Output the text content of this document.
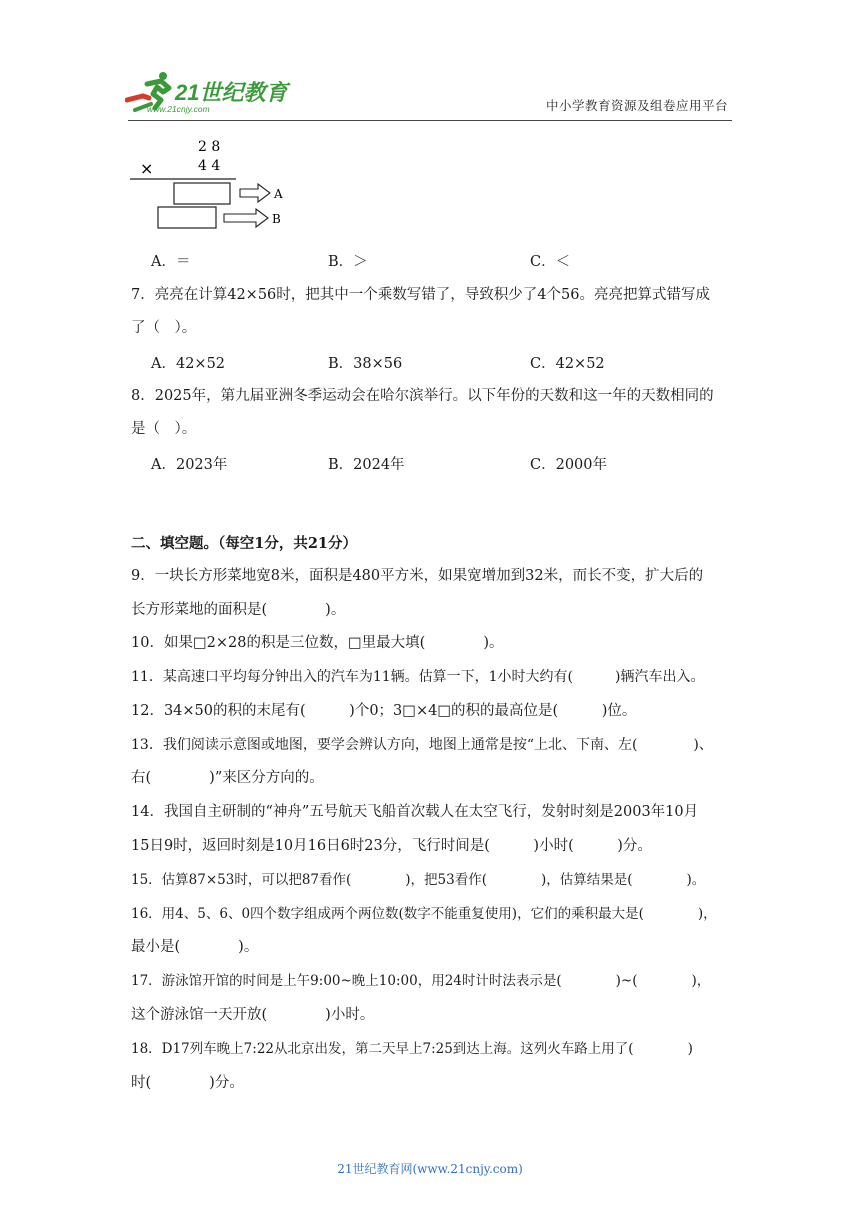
21世纪教育
www.21cnjy.com	中小学教育资源及组卷应用平台
2 8
4 4
×
A
B
A．＝	B．＞	C．＜
7．亮亮在计算42×56时，把其中一个乘数写错了，导致积少了4个56。亮亮把算式错写成
了（　）。
A．42×52	B．38×56	C．42×52
8．2025年，第九届亚洲冬季运动会在哈尔滨举行。以下年份的天数和这一年的天数相同的
是（　）。
A．2023年	B．2024年	C．2000年
二、填空题。（每空1分，共21分）
9．一块长方形菜地宽8米，面积是480平方米，如果宽增加到32米，而长不变，扩大后的
长方形菜地的面积是(　　　　)。
10．如果□2×28的积是三位数，□里最大填(　　　　)。
11．某高速口平均每分钟出入的汽车为11辆。估算一下，1小时大约有(　　　)辆汽车出入。
12．34×50的积的末尾有(　　　)个0；3□×4□的积的最高位是(　　　)位。
13．我们阅读示意图或地图，要学会辨认方向，地图上通常是按“上北、下南、左(　　　　)、
右(　　　　)”来区分方向的。
14．我国自主研制的“神舟”五号航天飞船首次载人在太空飞行，发射时刻是2003年10月
15日9时，返回时刻是10月16日6时23分，飞行时间是(　　　)小时(　　　)分。
15．估算87×53时，可以把87看作(　　　　)，把53看作(　　　　)，估算结果是(　　　　)。
16．用4、5、6、0四个数字组成两个两位数(数字不能重复使用)，它们的乘积最大是(　　　　)，
最小是(　　　　)。
17．游泳馆开馆的时间是上午9:00~晚上10:00，用24时计时法表示是(　　　　)~(　　　　)，
这个游泳馆一天开放(　　　　)小时。
18．D17列车晚上7:22从北京出发，第二天早上7:25到达上海。这列火车路上用了(　　　　)
时(　　　　)分。
21世纪教育网(www.21cnjy.com)
